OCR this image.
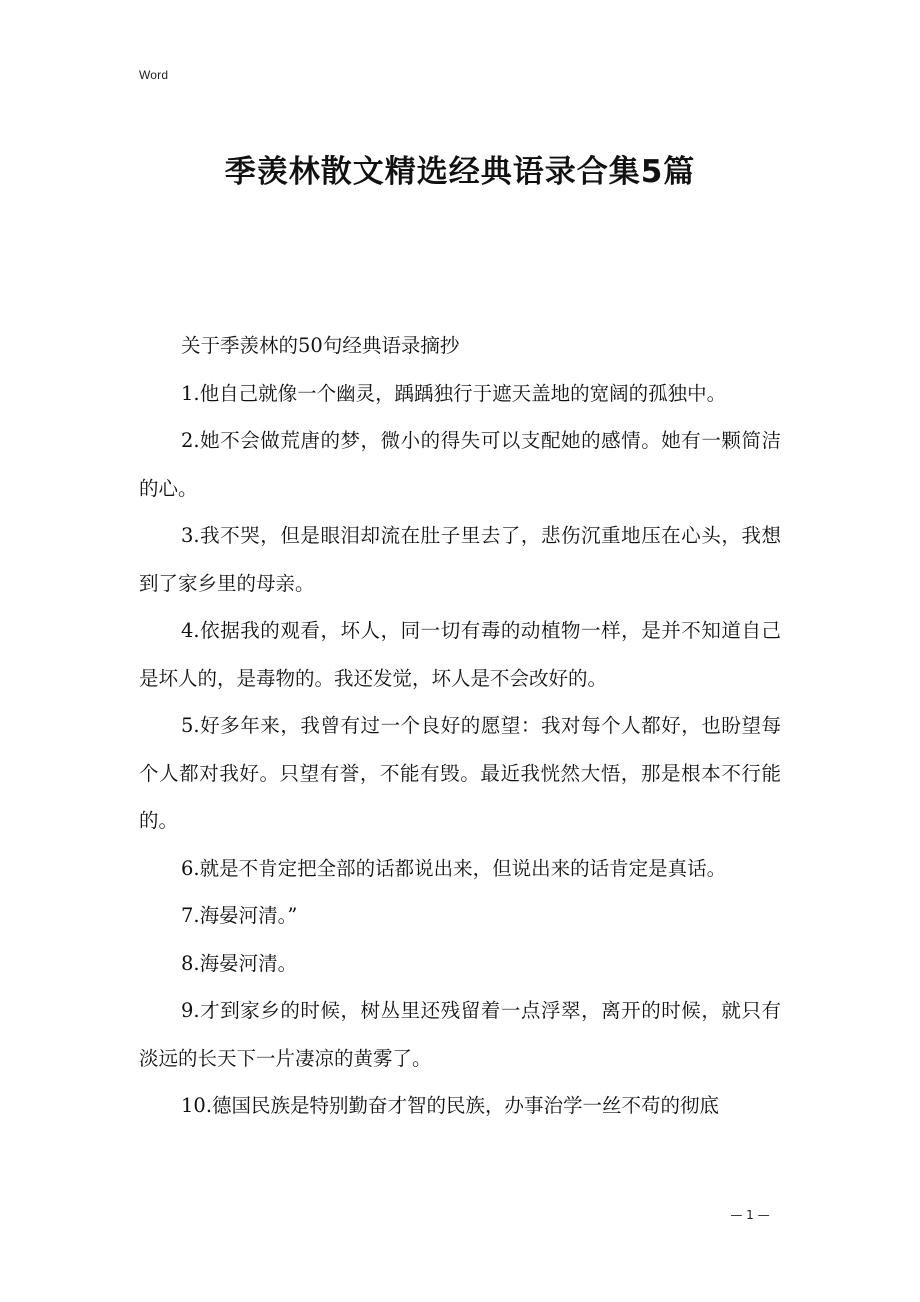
Word
季羡林散文精选经典语录合集5篇

关于季羡林的50句经典语录摘抄

1.他自己就像一个幽灵，踽踽独行于遮天盖地的宽阔的孤独中。

2.她不会做荒唐的梦，微小的得失可以支配她的感情。她有一颗简洁的心。

3.我不哭，但是眼泪却流在肚子里去了，悲伤沉重地压在心头，我想到了家乡里的母亲。

4.依据我的观看，坏人，同一切有毒的动植物一样，是并不知道自己是坏人的，是毒物的。我还发觉，坏人是不会改好的。

5.好多年来，我曾有过一个良好的愿望：我对每个人都好，也盼望每个人都对我好。只望有誉，不能有毁。最近我恍然大悟，那是根本不行能的。

6.就是不肯定把全部的话都说出来，但说出来的话肯定是真话。

7.海晏河清。”

8.海晏河清。

9.才到家乡的时候，树丛里还残留着一点浮翠，离开的时候，就只有淡远的长天下一片凄凉的黄雾了。

10.德国民族是特别勤奋才智的民族，办事治学一丝不苟的彻底

— 1 —
